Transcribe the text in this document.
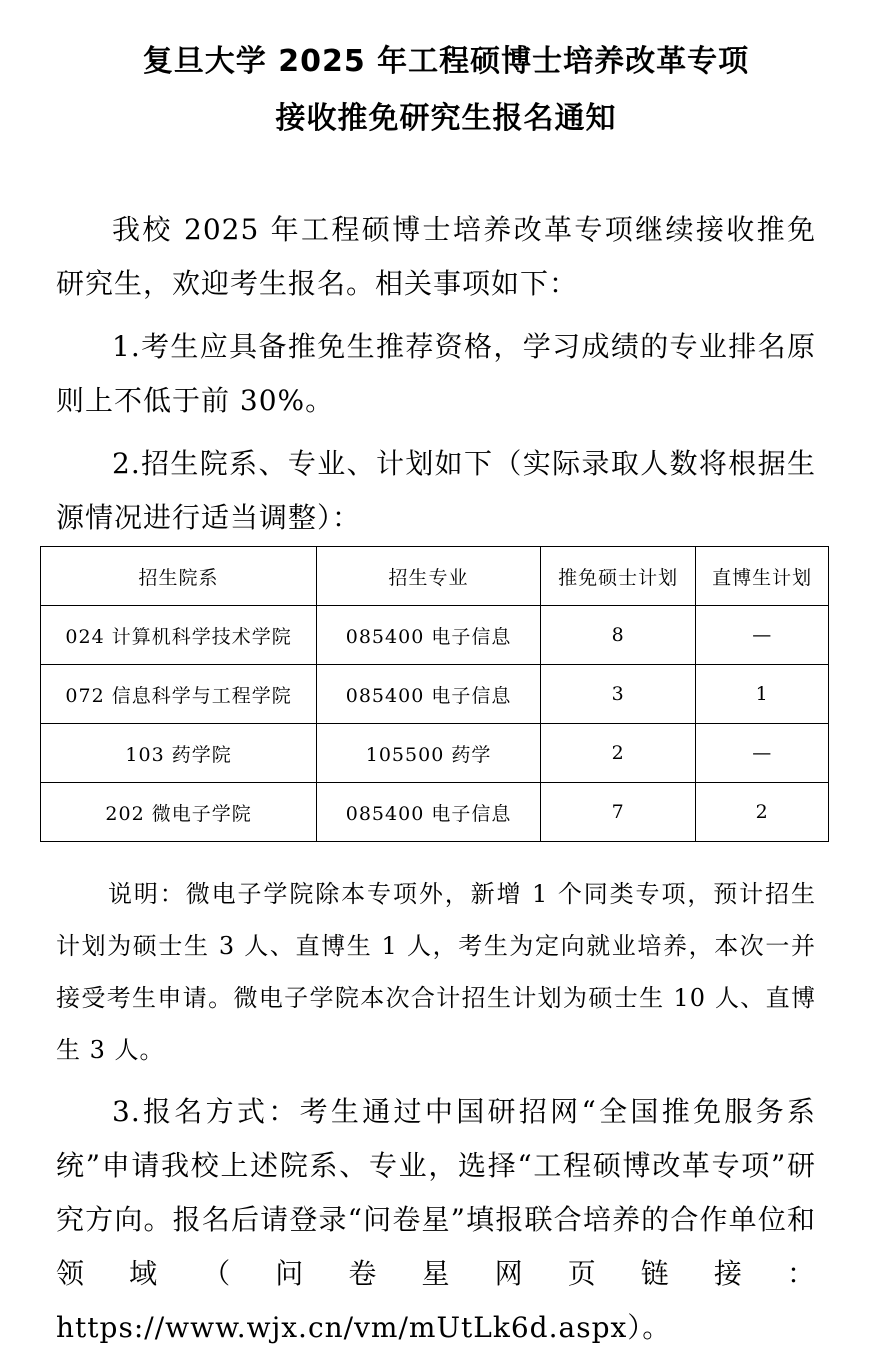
复旦大学 2025 年工程硕博士培养改革专项
接收推免研究生报名通知

我校 2025 年工程硕博士培养改革专项继续接收推免研究生，欢迎考生报名。相关事项如下：

1.考生应具备推免生推荐资格，学习成绩的专业排名原则上不低于前 30%。

2.招生院系、专业、计划如下（实际录取人数将根据生源情况进行适当调整）：

招生院系	招生专业	推免硕士计划	直博生计划
024 计算机科学技术学院	085400 电子信息	8	—
072 信息科学与工程学院	085400 电子信息	3	1
103 药学院	105500 药学	2	—
202 微电子学院	085400 电子信息	7	2

说明：微电子学院除本专项外，新增 1 个同类专项，预计招生计划为硕士生 3 人、直博生 1 人，考生为定向就业培养，本次一并接受考生申请。微电子学院本次合计招生计划为硕士生 10 人、直博生 3 人。

3.报名方式：考生通过中国研招网“全国推免服务系统”申请我校上述院系、专业，选择“工程硕博改革专项”研究方向。报名后请登录“问卷星”填报联合培养的合作单位和领域（问卷星网页链接：https://www.wjx.cn/vm/mUtLk6d.aspx）。
